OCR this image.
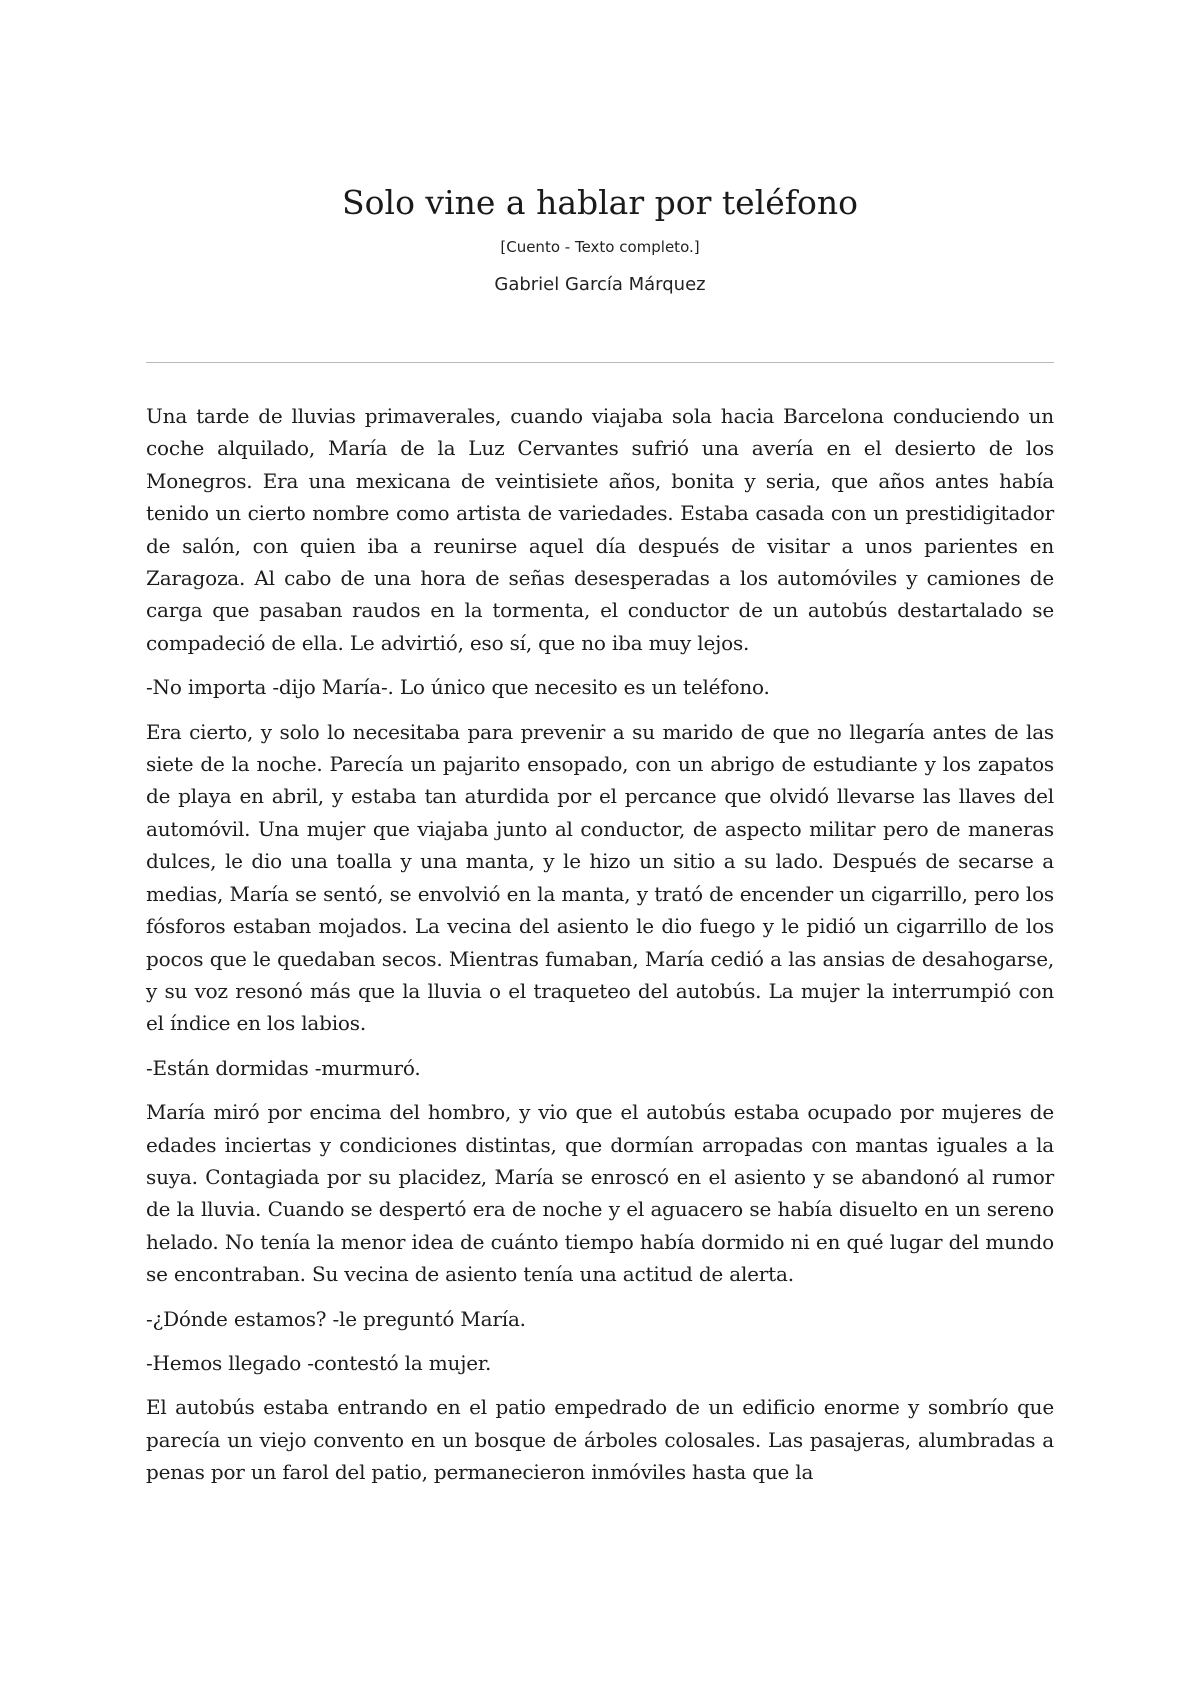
Solo vine a hablar por teléfono

[Cuento - Texto completo.]

Gabriel García Márquez

Una tarde de lluvias primaverales, cuando viajaba sola hacia Barcelona conduciendo un coche alquilado, María de la Luz Cervantes sufrió una avería en el desierto de los Monegros. Era una mexicana de veintisiete años, bonita y seria, que años antes había tenido un cierto nombre como artista de variedades. Estaba casada con un prestidigitador de salón, con quien iba a reunirse aquel día después de visitar a unos parientes en Zaragoza. Al cabo de una hora de señas desesperadas a los automóviles y camiones de carga que pasaban raudos en la tormenta, el conductor de un autobús destartalado se compadeció de ella. Le advirtió, eso sí, que no iba muy lejos.

-No importa -dijo María-. Lo único que necesito es un teléfono.

Era cierto, y solo lo necesitaba para prevenir a su marido de que no llegaría antes de las siete de la noche. Parecía un pajarito ensopado, con un abrigo de estudiante y los zapatos de playa en abril, y estaba tan aturdida por el percance que olvidó llevarse las llaves del automóvil. Una mujer que viajaba junto al conductor, de aspecto militar pero de maneras dulces, le dio una toalla y una manta, y le hizo un sitio a su lado. Después de secarse a medias, María se sentó, se envolvió en la manta, y trató de encender un cigarrillo, pero los fósforos estaban mojados. La vecina del asiento le dio fuego y le pidió un cigarrillo de los pocos que le quedaban secos. Mientras fumaban, María cedió a las ansias de desahogarse, y su voz resonó más que la lluvia o el traqueteo del autobús. La mujer la interrumpió con el índice en los labios.

-Están dormidas -murmuró.

María miró por encima del hombro, y vio que el autobús estaba ocupado por mujeres de edades inciertas y condiciones distintas, que dormían arropadas con mantas iguales a la suya. Contagiada por su placidez, María se enroscó en el asiento y se abandonó al rumor de la lluvia. Cuando se despertó era de noche y el aguacero se había disuelto en un sereno helado. No tenía la menor idea de cuánto tiempo había dormido ni en qué lugar del mundo se encontraban. Su vecina de asiento tenía una actitud de alerta.

-¿Dónde estamos? -le preguntó María.

-Hemos llegado -contestó la mujer.

El autobús estaba entrando en el patio empedrado de un edificio enorme y sombrío que parecía un viejo convento en un bosque de árboles colosales. Las pasajeras, alumbradas a penas por un farol del patio, permanecieron inmóviles hasta que la
